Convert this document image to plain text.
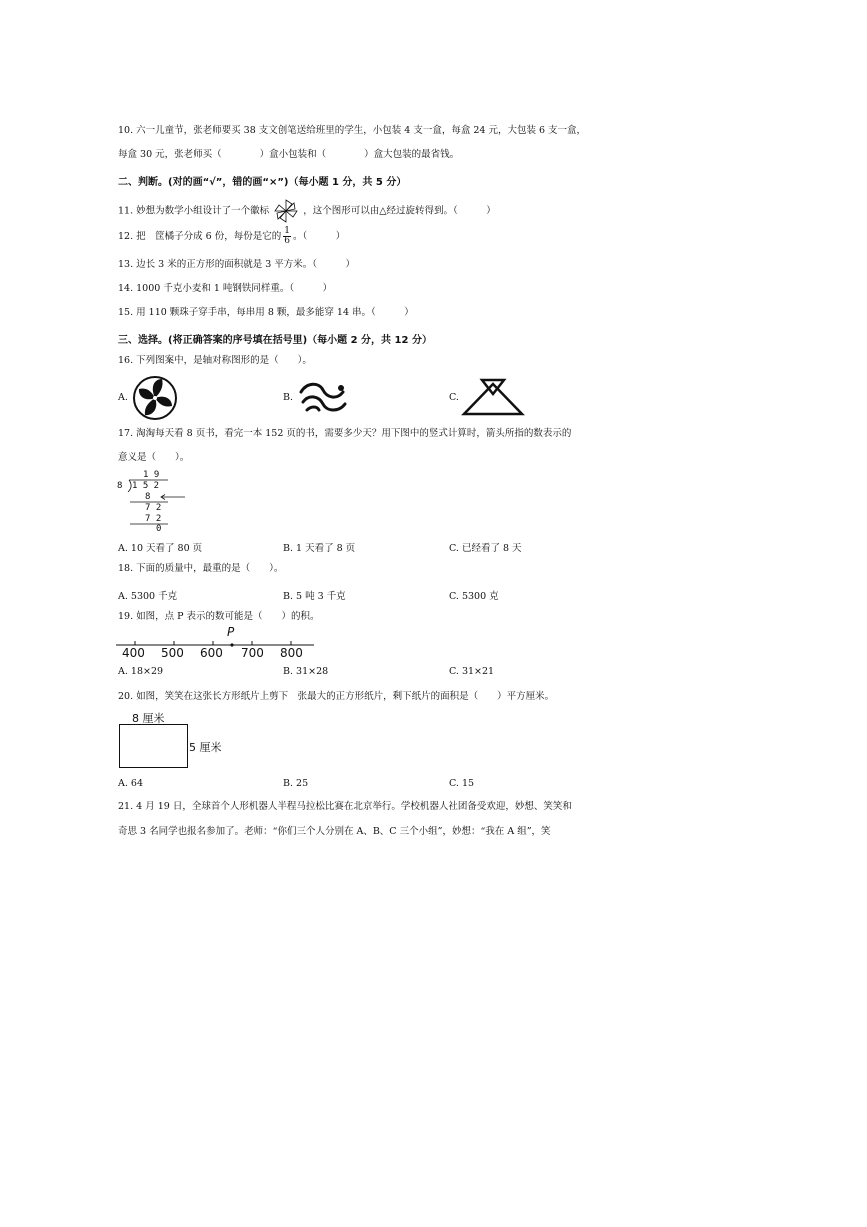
10. 六一儿童节，张老师要买 38 支文创笔送给班里的学生，小包装 4 支一盒，每盒 24 元，大包装 6 支一盒，
每盒 30 元，张老师买（　　　　）盒小包装和（　　　　）盒大包装的最省钱。
二、判断。(对的画“√”，错的画“×”)（每小题 1 分，共 5 分）
11. 妙想为数学小组设计了一个徽标	，这个图形可以由△经过旋转得到。（　　　）
12. 把　筐橘子分成 6 份，每份是它的 $\frac{1}{6}$ 。（　　　）
13. 边长 3 米的正方形的面积就是 3 平方米。（　　　）
14. 1000 千克小麦和 1 吨钢铁同样重。（　　　）
15. 用 110 颗珠子穿手串，每串用 8 颗，最多能穿 14 串。（　　　）
三、选择。(将正确答案的序号填在括号里)（每小题 2 分，共 12 分）
16. 下列图案中，是轴对称图形的是（　　）。
A.	B.	C.
17. 淘淘每天看 8 页书，看完一本 152 页的书，需要多少天？用下图中的竖式计算时，箭头所指的数表示的
意义是（　　）。
1 9
8 1 5 2
8
7 2
7 2
0
A. 10 天看了 80 页	B. 1 天看了 8 页	C. 已经看了 8 天
18. 下面的质量中，最重的是（　　）。
A. 5300 千克	B. 5 吨 3 千克	C. 5300 克
19. 如图，点 P 表示的数可能是（　　）的积。
P
400 500 600 700 800
A. 18×29	B. 31×28	C. 31×21
20. 如图，笑笑在这张长方形纸片上剪下　张最大的正方形纸片，剩下纸片的面积是（　　）平方厘米。
8 厘米
5 厘米
A. 64	B. 25	C. 15
21. 4 月 19 日，全球首个人形机器人半程马拉松比赛在北京举行。学校机器人社团备受欢迎，妙想、笑笑和
奇思 3 名同学也报名参加了。老师：“你们三个人分别在 A、B、C 三个小组”，妙想：“我在 A 组”，笑
